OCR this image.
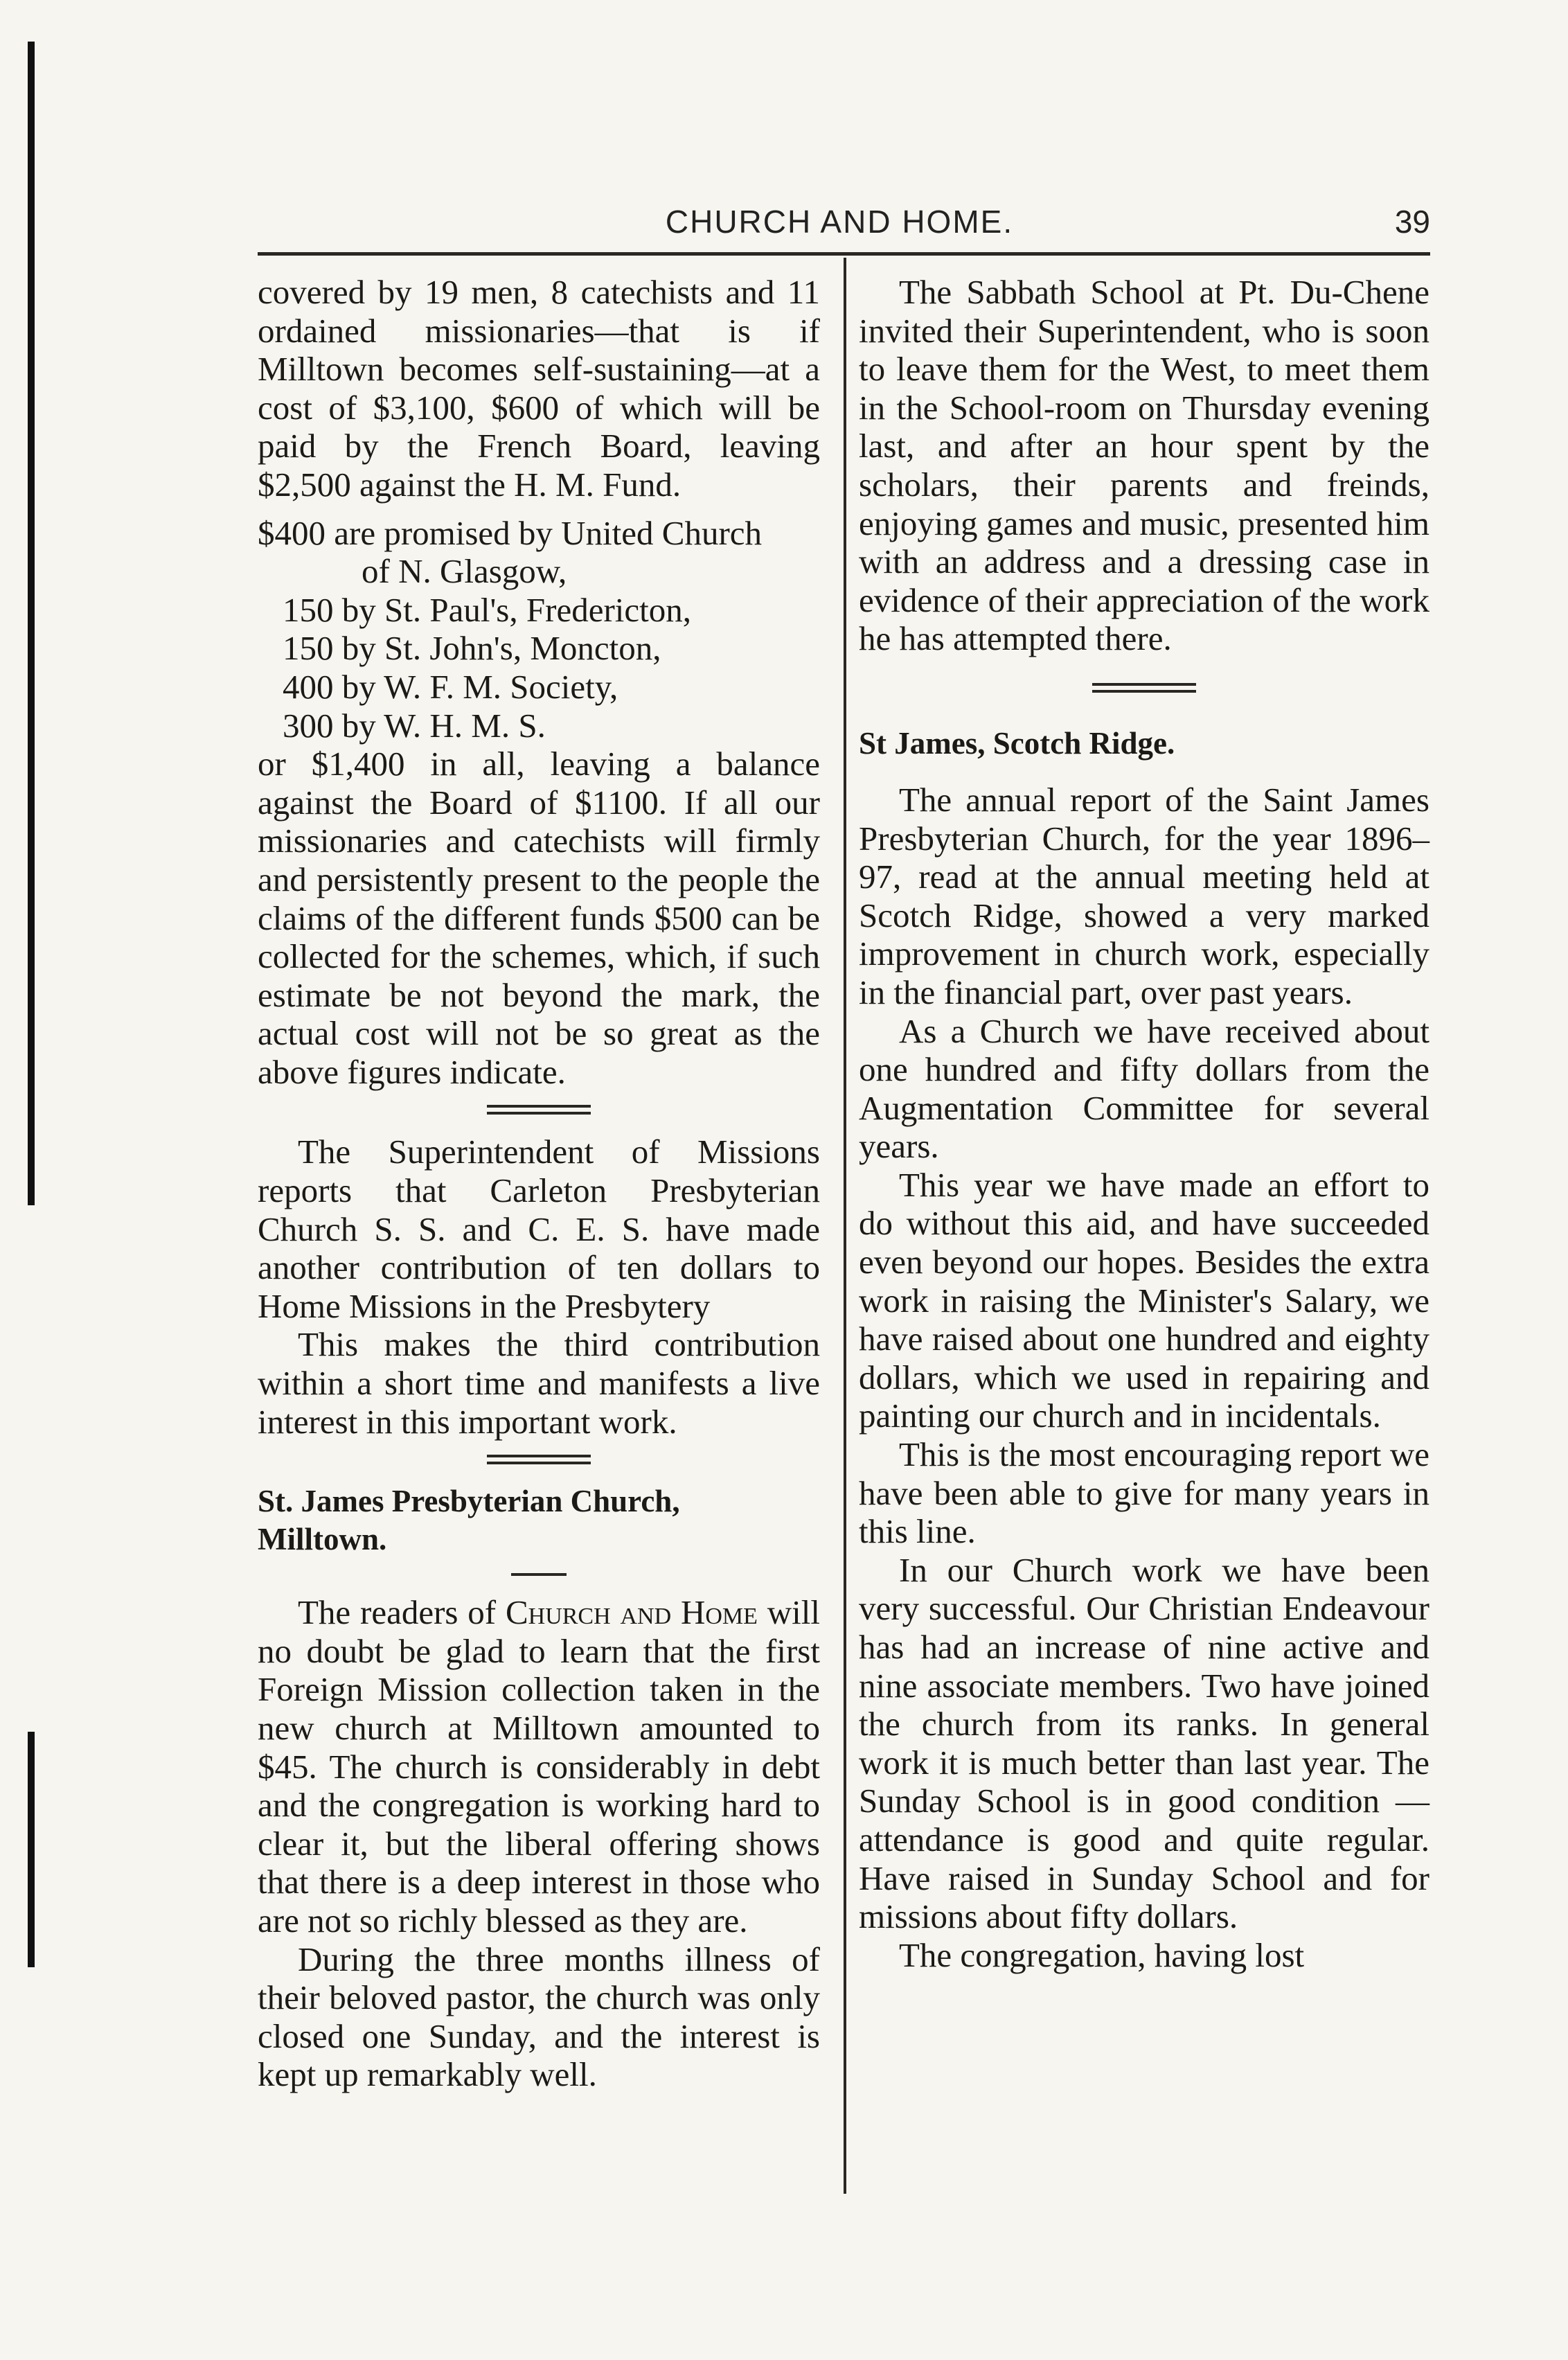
CHURCH AND HOME.	39

covered by 19 men, 8 catechists and 11 ordained missionaries—that is if Milltown becomes self-sustaining—at a cost of $3,100, $600 of which will be paid by the French Board, leaving $2,500 against the H. M. Fund.

$400 are promised by United Church

of N. Glasgow,

150 by St. Paul's, Fredericton,

150 by St. John's, Moncton,

400 by W. F. M. Society,

300 by W. H. M. S.

or $1,400 in all, leaving a balance against the Board of $1100. If all our missionaries and catechists will firmly and persistently present to the people the claims of the different funds $500 can be collected for the schemes, which, if such estimate be not beyond the mark, the actual cost will not be so great as the above figures indicate.

The Superintendent of Missions reports that Carleton Presbyterian Church S. S. and C. E. S. have made another contribution of ten dollars to Home Missions in the Presbytery

This makes the third contribution within a short time and manifests a live interest in this important work.

St. James Presbyterian Church,

Milltown.

The readers of Church and Home will no doubt be glad to learn that the first Foreign Mission collection taken in the new church at Milltown amounted to $45. The church is considerably in debt and the congregation is working hard to clear it, but the liberal offering shows that there is a deep interest in those who are not so richly blessed as they are.

During the three months illness of their beloved pastor, the church was only closed one Sunday, and the interest is kept up remarkably well.

The Sabbath School at Pt. Du-Chene invited their Superintendent, who is soon to leave them for the West, to meet them in the School-room on Thursday evening last, and after an hour spent by the scholars, their parents and freinds, enjoying games and music, presented him with an address and a dressing case in evidence of their appreciation of the work he has attempted there.

St James, Scotch Ridge.

The annual report of the Saint James Presbyterian Church, for the year 1896–97, read at the annual meeting held at Scotch Ridge, showed a very marked improvement in church work, especially in the financial part, over past years.

As a Church we have received about one hundred and fifty dollars from the Augmentation Committee for several years.

This year we have made an effort to do without this aid, and have succeeded even beyond our hopes. Besides the extra work in raising the Minister's Salary, we have raised about one hundred and eighty dollars, which we used in repairing and painting our church and in incidentals.

This is the most encouraging report we have been able to give for many years in this line.

In our Church work we have been very successful. Our Christian Endeavour has had an increase of nine active and nine associate members. Two have joined the church from its ranks. In general work it is much better than last year. The Sunday School is in good condition —attendance is good and quite regular. Have raised in Sunday School and for missions about fifty dollars.

The congregation, having lost
